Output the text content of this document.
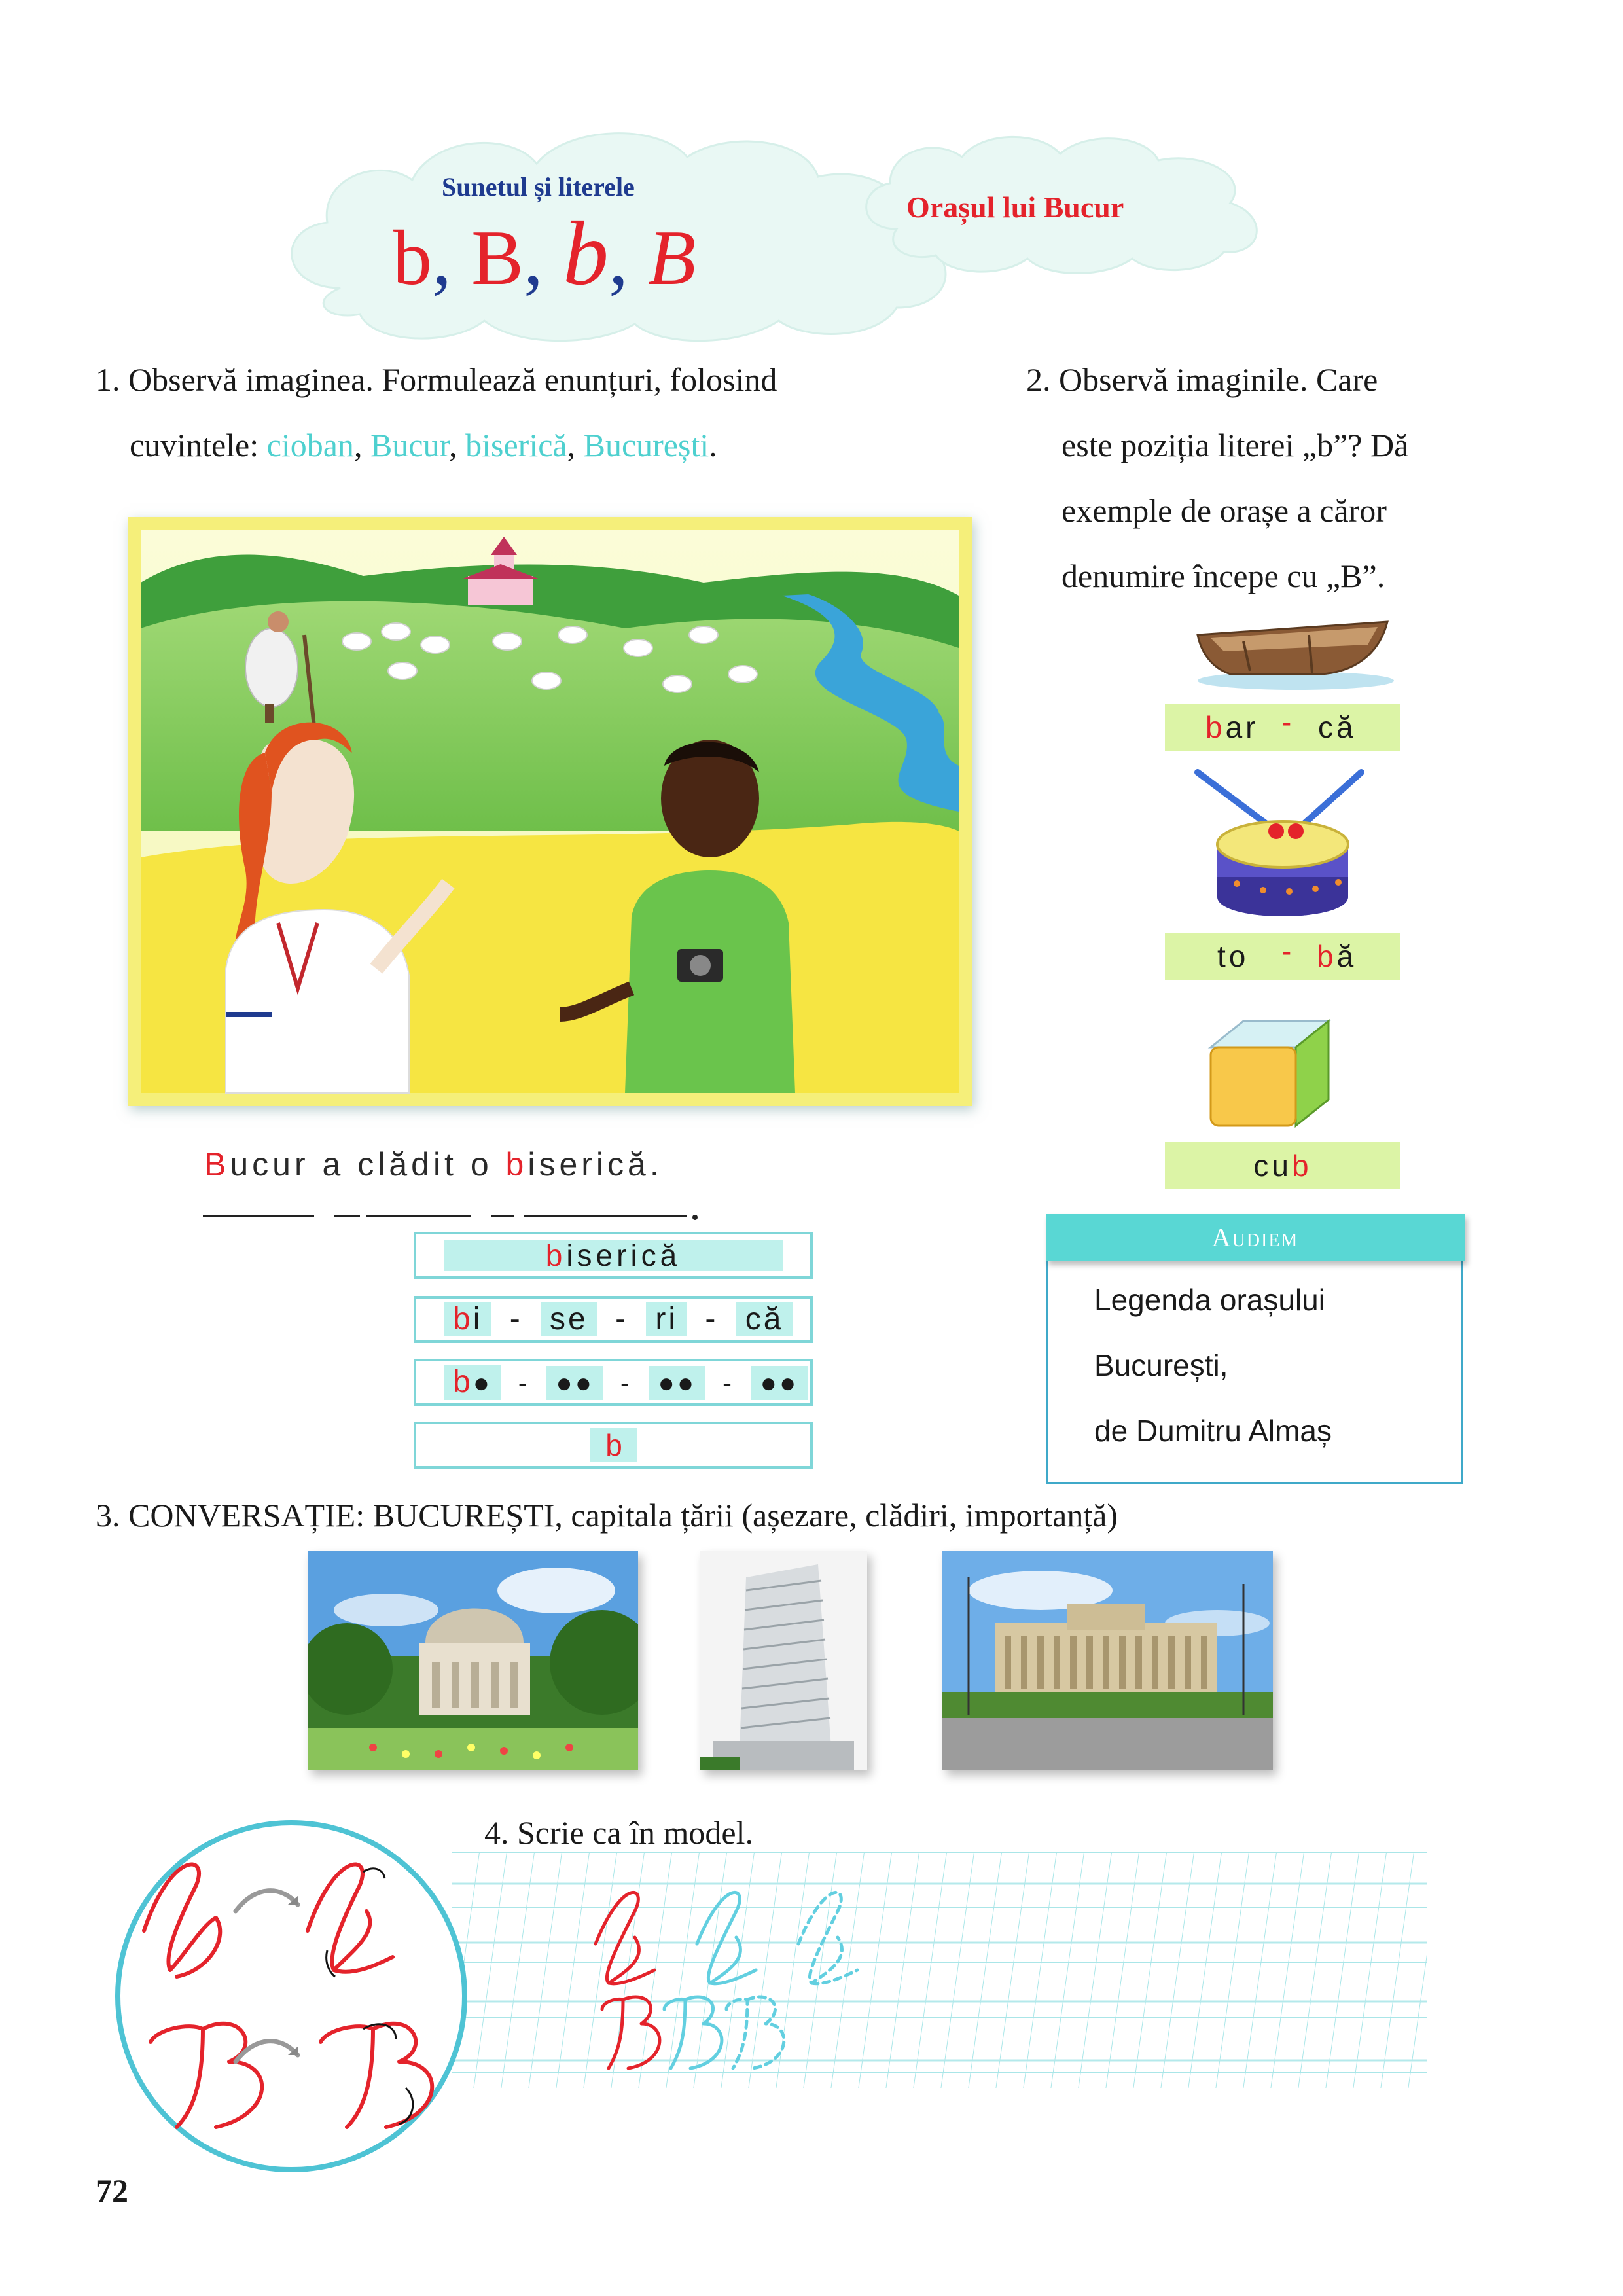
Sunetul și literele
b, B, b, B
Orașul lui Bucur
1. Observă imaginea. Formulează enunțuri, folosind
cuvintele: cioban, Bucur, biserică, București.
Bucur a clădit o biserică.
biserică
bi - se - ri - că
b● - ●● - ●● - ●●
b
2. Observă imaginile. Care
este poziția literei „b”? Dă
exemple de orașe a căror
denumire începe cu „B”.
bar - că
to - bă
cub
Audiem
Legenda orașului
București,
de Dumitru Almaș
3. CONVERSAȚIE: BUCUREȘTI, capitala țării (așezare, clădiri, importanță)
4. Scrie ca în model.
72
